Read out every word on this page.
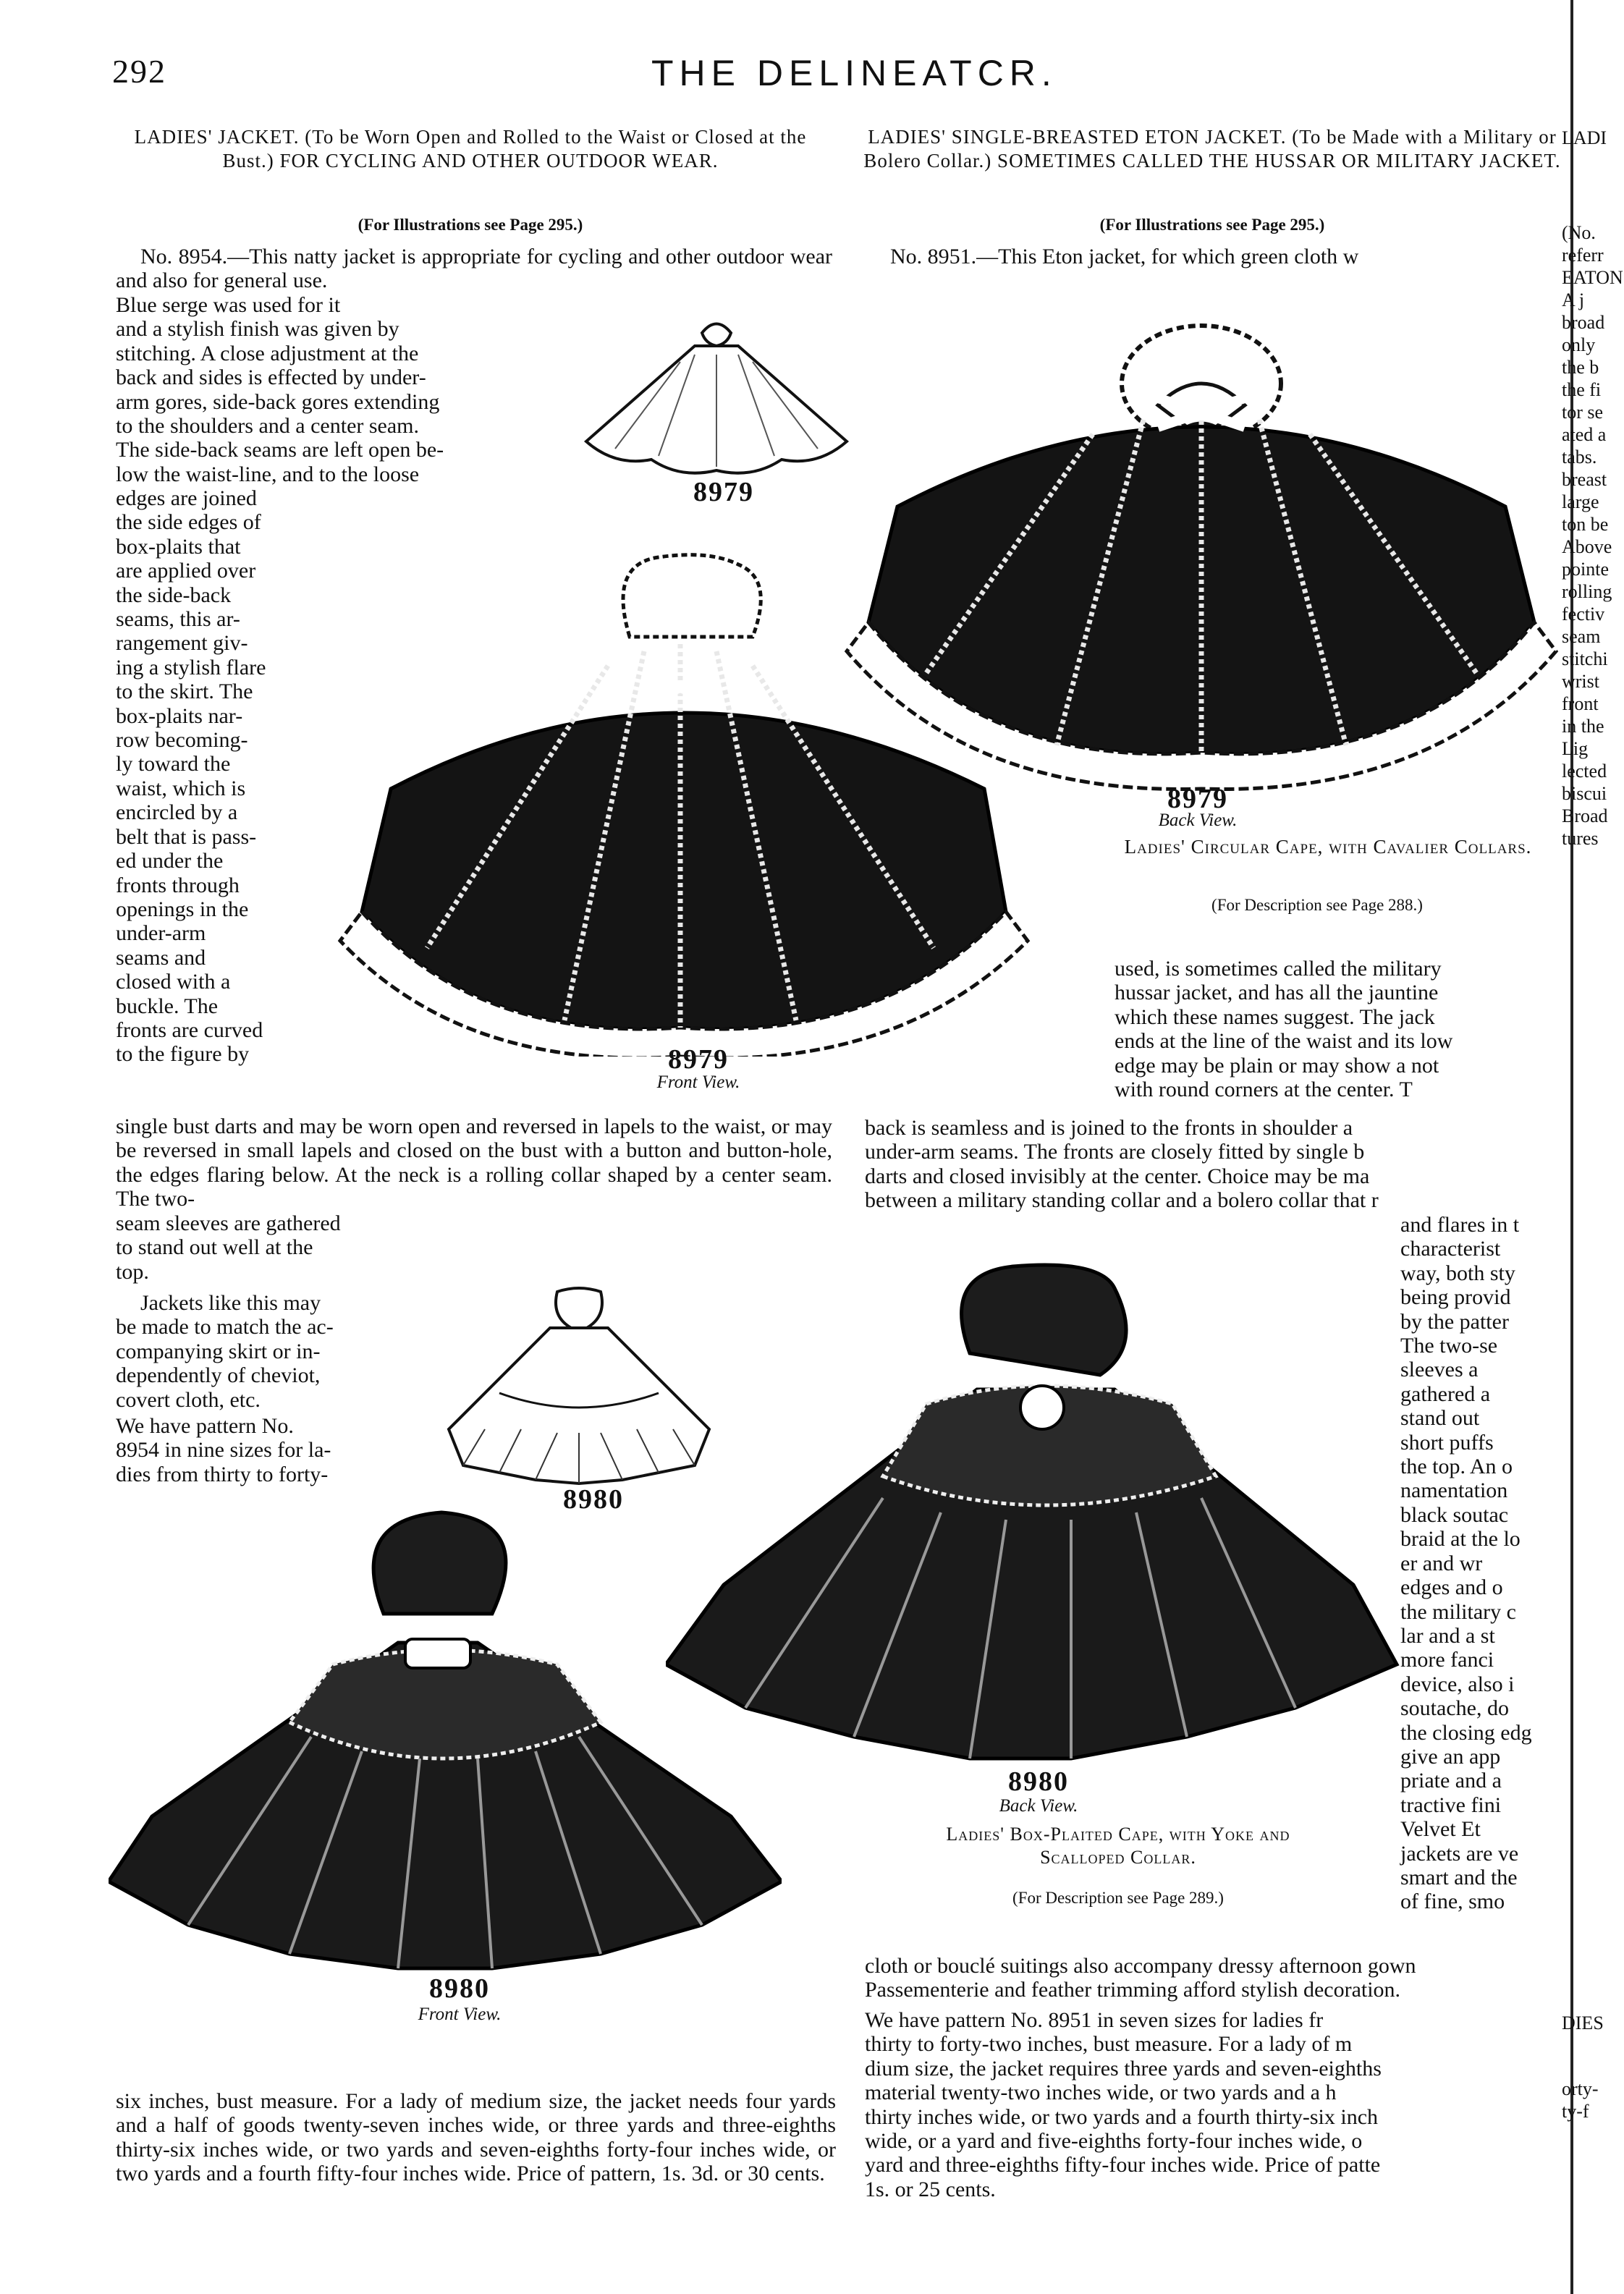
292	THE DELINEATCR.
LADIES' JACKET. (To be Worn Open and Rolled to the Waist or Closed at the Bust.) FOR CYCLING AND OTHER OUTDOOR WEAR.
(For Illustrations see Page 295.)
LADIES' SINGLE-BREASTED ETON JACKET. (To be Made with a Military or Bolero Collar.) SOMETIMES CALLED THE HUSSAR OR MILITARY JACKET.
(For Illustrations see Page 295.)

No. 8954.—This natty jacket is appropriate for cycling and other outdoor wear and also for general use.

Blue serge was used for it
and a stylish finish was given by
stitching. A close adjustment at the
back and sides is effected by under-
arm gores, side-back gores extending
to the shoulders and a center seam.
The side-back seams are left open be-
low the waist-line, and to the loose
edges are joined
the side edges of
box-plaits that
are applied over
the side-back
seams, this ar-
rangement giv-
ing a stylish flare
to the skirt. The
box-plaits nar-
row becoming-
ly toward the
waist, which is
encircled by a
belt that is pass-
ed under the
fronts through
openings in the
under-arm
seams and
closed with a
buckle. The
fronts are curved
to the figure by
single bust darts and may be worn open and reversed in lapels to the waist, or may be reversed in small lapels and closed on the bust with a button and button-hole, the edges flaring below. At the neck is a rolling collar shaped by a center seam. The two-
seam sleeves are gathered
to stand out well at the
top.
Jackets like this may
be made to match the ac-
companying skirt or in-
dependently of cheviot,
covert cloth, etc.
We have pattern No.
8954 in nine sizes for la-
dies from thirty to forty-
six inches, bust measure. For a lady of medium size, the jacket needs four yards and a half of goods twenty-seven inches wide, or three yards and three-eighths thirty-six inches wide, or two yards and seven-eighths forty-four inches wide, or two yards and a fourth fifty-four inches wide. Price of pattern, 1s. 3d. or 30 cents.
No. 8951.—This Eton jacket, for which green cloth w
used, is sometimes called the military
hussar jacket, and has all the jauntine
which these names suggest. The jack
ends at the line of the waist and its low
edge may be plain or may show a not
with round corners at the center. T
back is seamless and is joined to the fronts in shoulder a
under-arm seams. The fronts are closely fitted by single b
darts and closed invisibly at the center. Choice may be ma
between a military standing collar and a bolero collar that r
and flares in t
characterist
way, both sty
being provid
by the patter
The two-se
sleeves a
gathered a
stand out
short puffs
the top. An o
namentation
black soutac
braid at the lo
er and wr
edges and o
the military c
lar and a st
more fanci
device, also i
soutache, do
the closing edg
give an app
priate and a
tractive fini
Velvet Et
jackets are ve
smart and the
of fine, smo
cloth or bouclé suitings also accompany dressy afternoon gown
Passementerie and feather trimming afford stylish decoration.
We have pattern No. 8951 in seven sizes for ladies fr
thirty to forty-two inches, bust measure. For a lady of m
dium size, the jacket requires three yards and seven-eighths
material twenty-two inches wide, or two yards and a h
thirty inches wide, or two yards and a fourth thirty-six inch
wide, or a yard and five-eighths forty-four inches wide, o
yard and three-eighths fifty-four inches wide. Price of patte
1s. or 25 cents.
LADI
(No.
referr
EATON
A j
broad
only
the b
the fi
tor se
ated a
tabs.
breast
large
ton be
Above
pointe
rolling
fectiv
seam
stitchi
wrist
front
in the
Lig
lected
biscui
Broad
tures
DIES
orty-
ty-f
8979
8979
Back View.
Ladies' Circular Cape, with Cavalier Collars.
(For Description see Page 288.)
8979
Front View.
8980
8980
Back View.
Ladies' Box-Plaited Cape, with Yoke and
Scalloped Collar.
(For Description see Page 289.)
8980
Front View.
